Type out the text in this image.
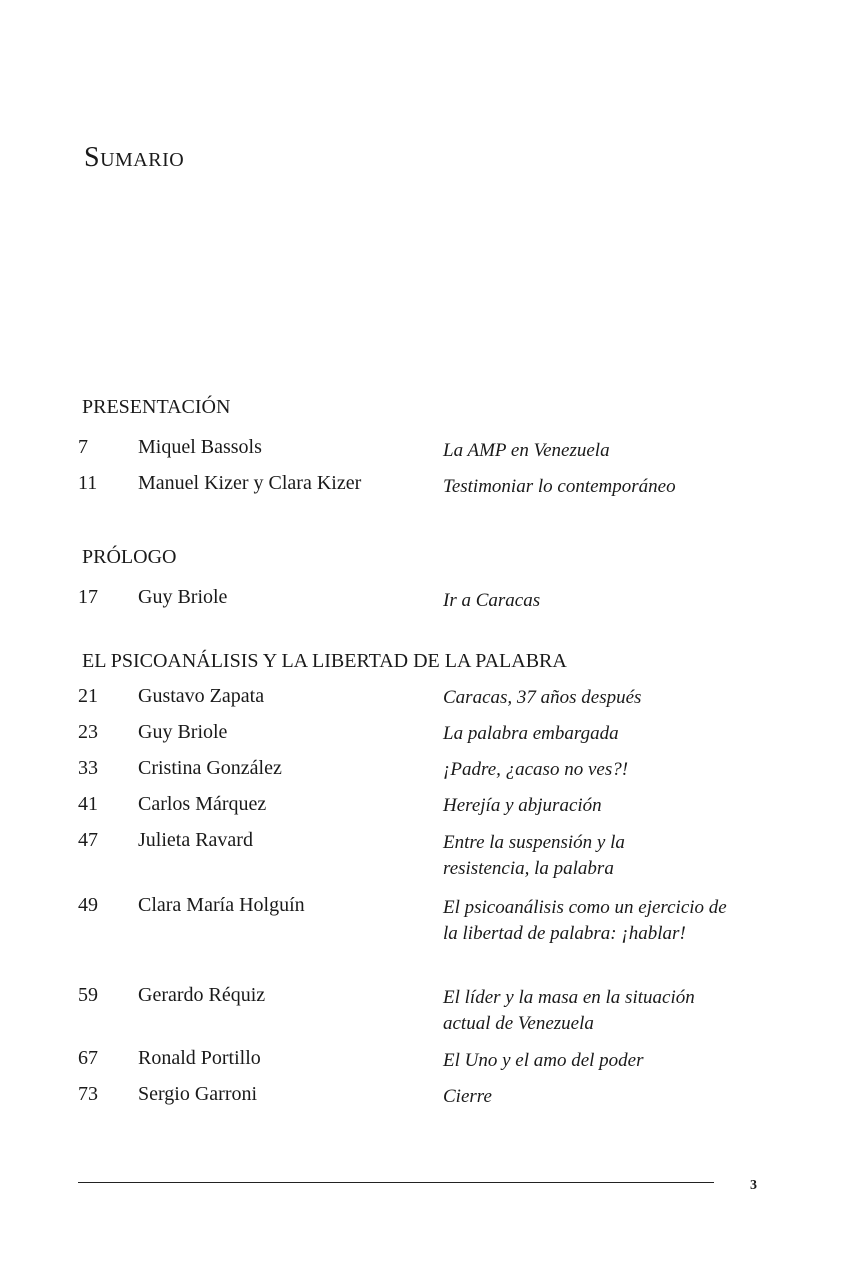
Sumario
PRESENTACIÓN
7	Miquel Bassols	La AMP en Venezuela
11 Manuel Kizer y Clara Kizer	Testimoniar lo contemporáneo
PRÓLOGO
17 Guy Briole	Ir a Caracas
EL PSICOANÁLISIS Y LA LIBERTAD DE LA PALABRA
21 Gustavo Zapata	Caracas, 37 años después
23 Guy Briole	La palabra embargada
33 Cristina González	¡Padre, ¿acaso no ves?!
41 Carlos Márquez	Herejía y abjuración
47 Julieta Ravard	Entre la suspensión y la resistencia, la palabra
49 Clara María Holguín	El psicoanálisis como un ejercicio de la libertad de palabra: ¡hablar!
59 Gerardo Réquiz	El líder y la masa en la situación actual de Venezuela
67 Ronald Portillo	El Uno y el amo del poder
73 Sergio Garroni	Cierre
3
